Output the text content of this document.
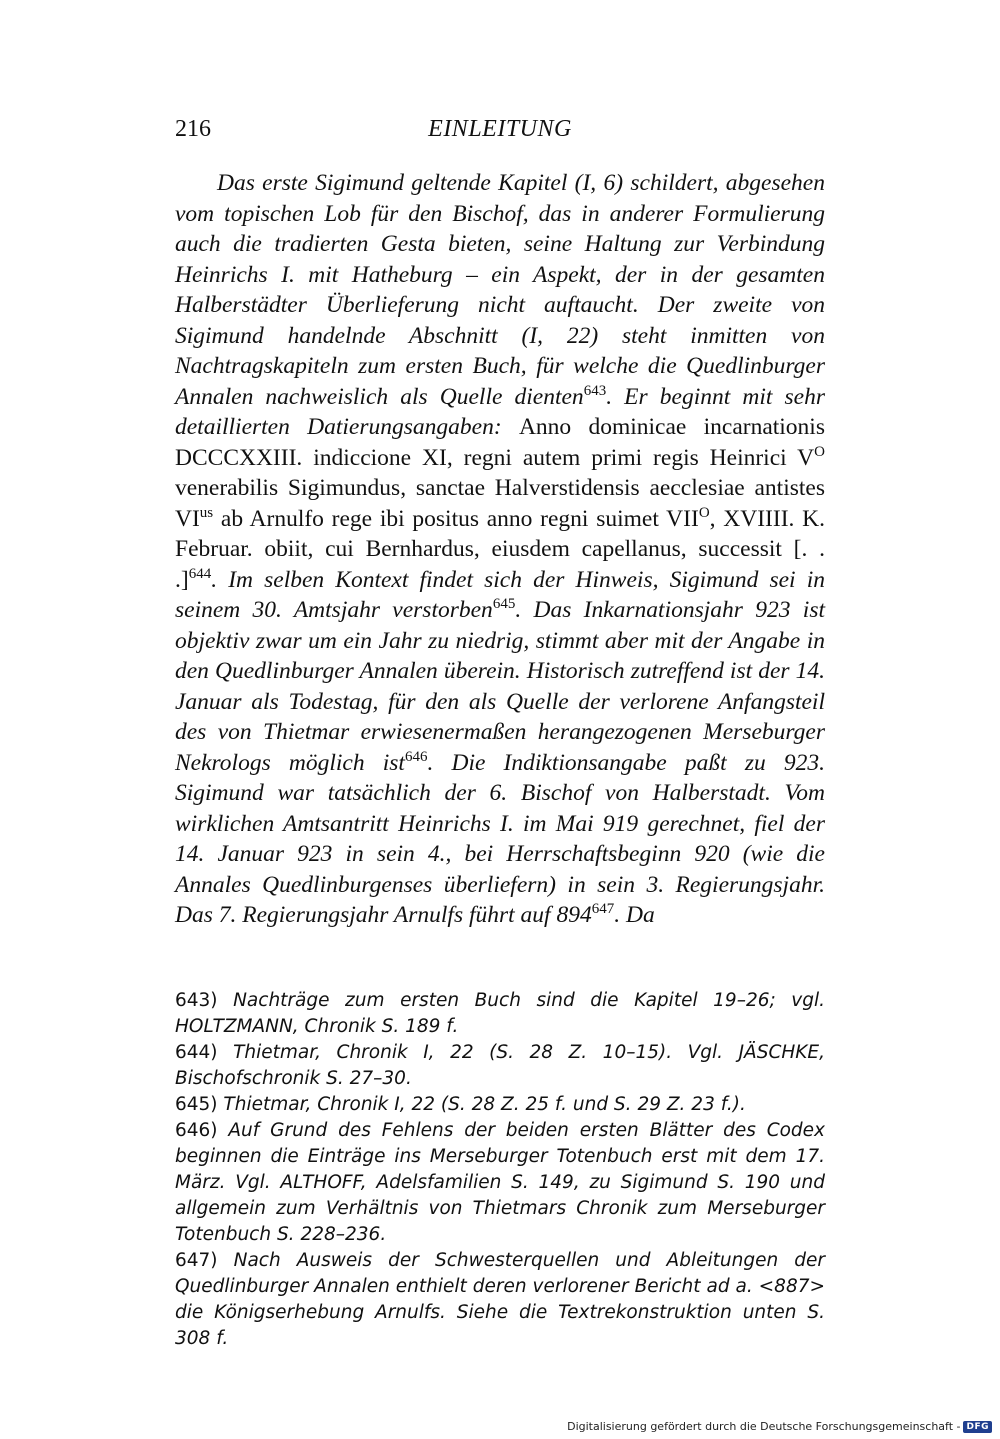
216	EINLEITUNG

Das erste Sigimund geltende Kapitel (I, 6) schildert, abgesehen vom topischen Lob für den Bischof, das in anderer Formulierung auch die tradierten Gesta bieten, seine Haltung zur Verbindung Heinrichs I. mit Hatheburg – ein Aspekt, der in der gesamten Halberstädter Überlieferung nicht auftaucht. Der zweite von Sigimund handelnde Abschnitt (I, 22) steht inmitten von Nachtragskapiteln zum ersten Buch, für welche die Quedlinburger Annalen nachweislich als Quelle dienten$^{643}$. Er beginnt mit sehr detaillierten Datierungsangaben: Anno dominicae incarnationis DCCCXXIII. indiccione XI, regni autem primi regis Heinrici $V^O$ venerabilis Sigimundus, sanctae Halverstidensis aecclesiae antistes $VI^{us}$ ab Arnulfo rege ibi positus anno regni suimet $VII^O$, XVIIII. K. Februar. obiit, cui Bernhardus, eiusdem capellanus, successit [. . .]$^{644}$. Im selben Kontext findet sich der Hinweis, Sigimund sei in seinem 30. Amtsjahr verstorben$^{645}$. Das Inkarnationsjahr 923 ist objektiv zwar um ein Jahr zu niedrig, stimmt aber mit der Angabe in den Quedlinburger Annalen überein. Historisch zutreffend ist der 14. Januar als Todestag, für den als Quelle der verlorene Anfangsteil des von Thietmar erwiesenermaßen herangezogenen Merseburger Nekrologs möglich ist$^{646}$. Die Indiktionsangabe paßt zu 923. Sigimund war tatsächlich der 6. Bischof von Halberstadt. Vom wirklichen Amtsantritt Heinrichs I. im Mai 919 gerechnet, fiel der 14. Januar 923 in sein 4., bei Herrschaftsbeginn 920 (wie die Annales Quedlinburgenses überliefern) in sein 3. Regierungsjahr. Das 7. Regierungsjahr Arnulfs führt auf $894^{647}$. Da

643) Nachträge zum ersten Buch sind die Kapitel 19–26; vgl. HOLTZMANN, Chronik S. 189 f.

644) Thietmar, Chronik I, 22 (S. 28 Z. 10–15). Vgl. JÄSCHKE, Bischofschronik S. 27–30.

645) Thietmar, Chronik I, 22 (S. 28 Z. 25 f. und S. 29 Z. 23 f.).

646) Auf Grund des Fehlens der beiden ersten Blätter des Codex beginnen die Einträge ins Merseburger Totenbuch erst mit dem 17. März. Vgl. ALTHOFF, Adelsfamilien S. 149, zu Sigimund S. 190 und allgemein zum Verhältnis von Thietmars Chronik zum Merseburger Totenbuch S. 228–236.

647) Nach Ausweis der Schwesterquellen und Ableitungen der Quedlinburger Annalen enthielt deren verlorener Bericht ad a. <887> die Königserhebung Arnulfs. Siehe die Textrekonstruktion unten S. 308 f.

Digitalisierung gefördert durch die Deutsche Forschungsgemeinschaft - DFG
